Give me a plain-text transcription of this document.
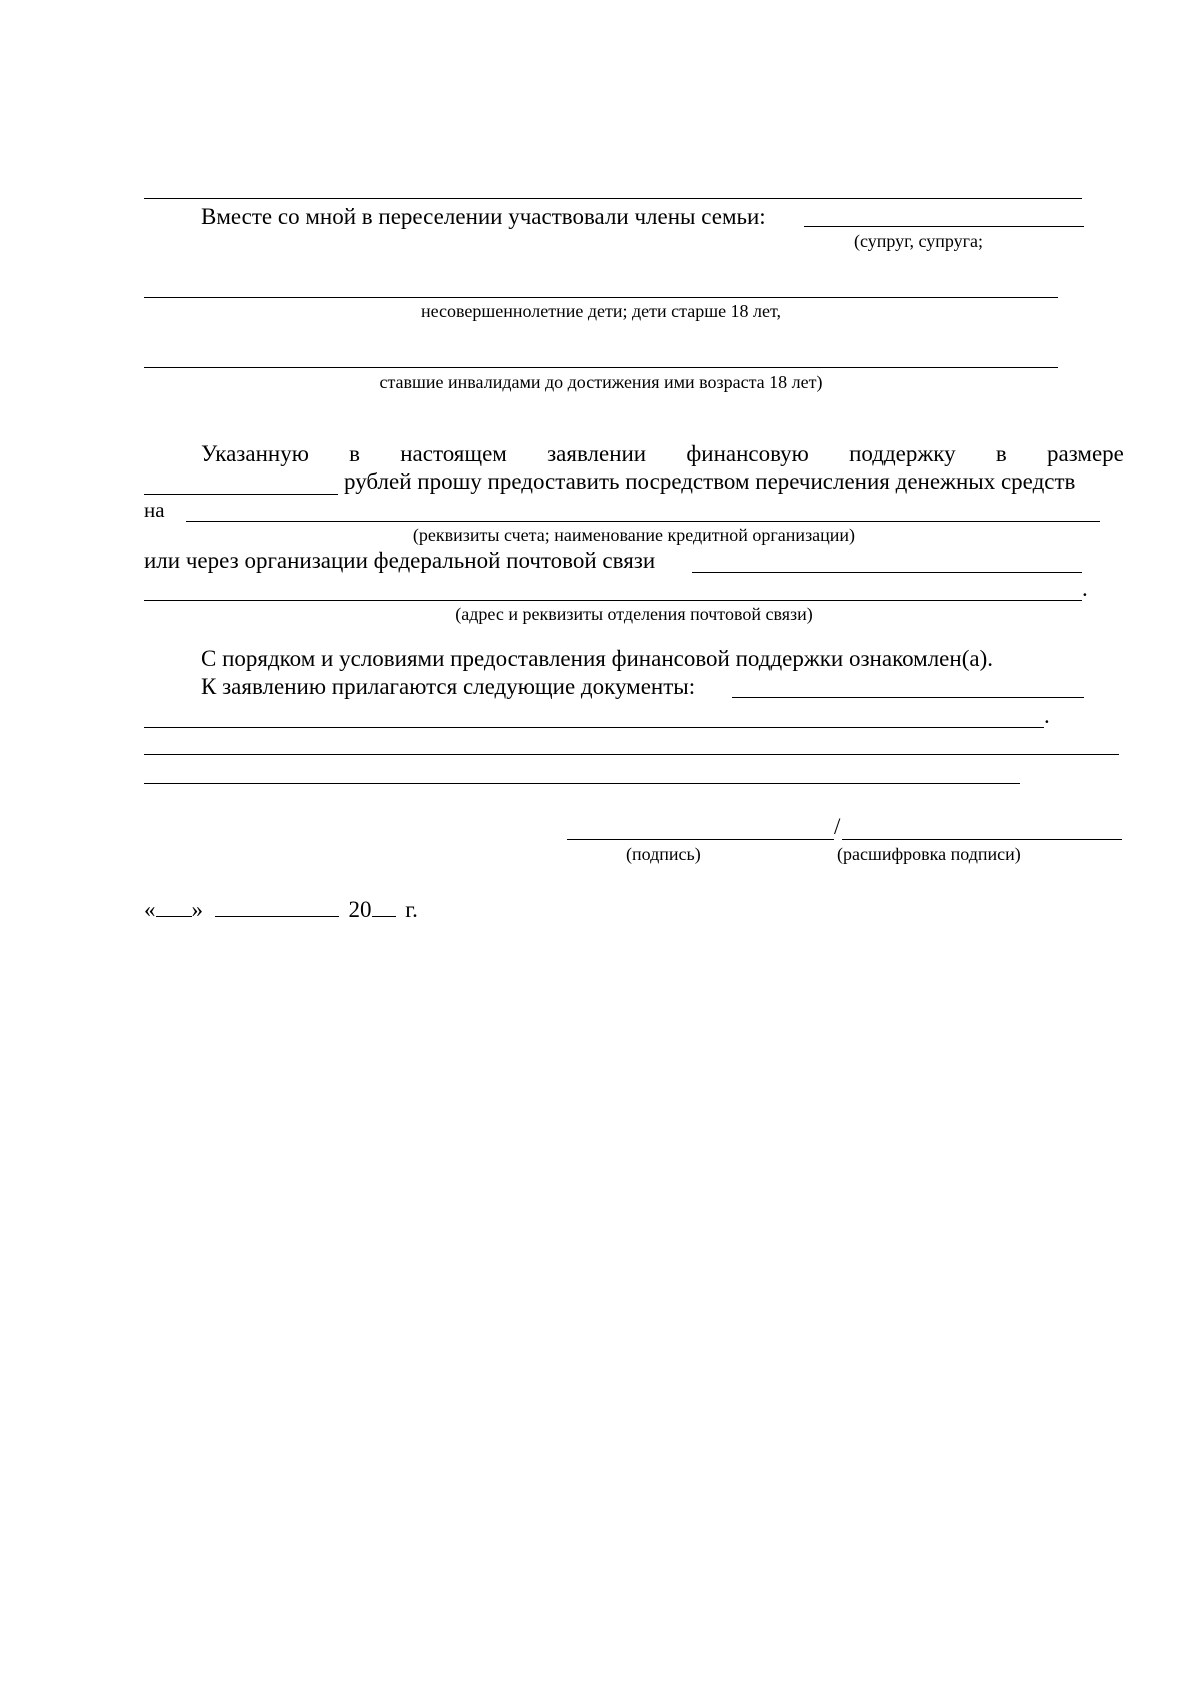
Вместе со мной в переселении участвовали члены семьи:
(супруг, супруга;
несовершеннолетние дети; дети старше 18 лет,
ставшие инвалидами до достижения ими возраста 18 лет)
Указанную в настоящем заявлении финансовую поддержку в размере
рублей прошу предоставить посредством перечисления денежных средств
на
(реквизиты счета; наименование кредитной организации)
или через организации федеральной почтовой связи
.
(адрес и реквизиты отделения почтовой связи)
С порядком и условиями предоставления финансовой поддержки ознакомлен(а).
К заявлению прилагаются следующие документы:
.
/
(подпись)	(расшифровка подписи)
« »	20 г.
